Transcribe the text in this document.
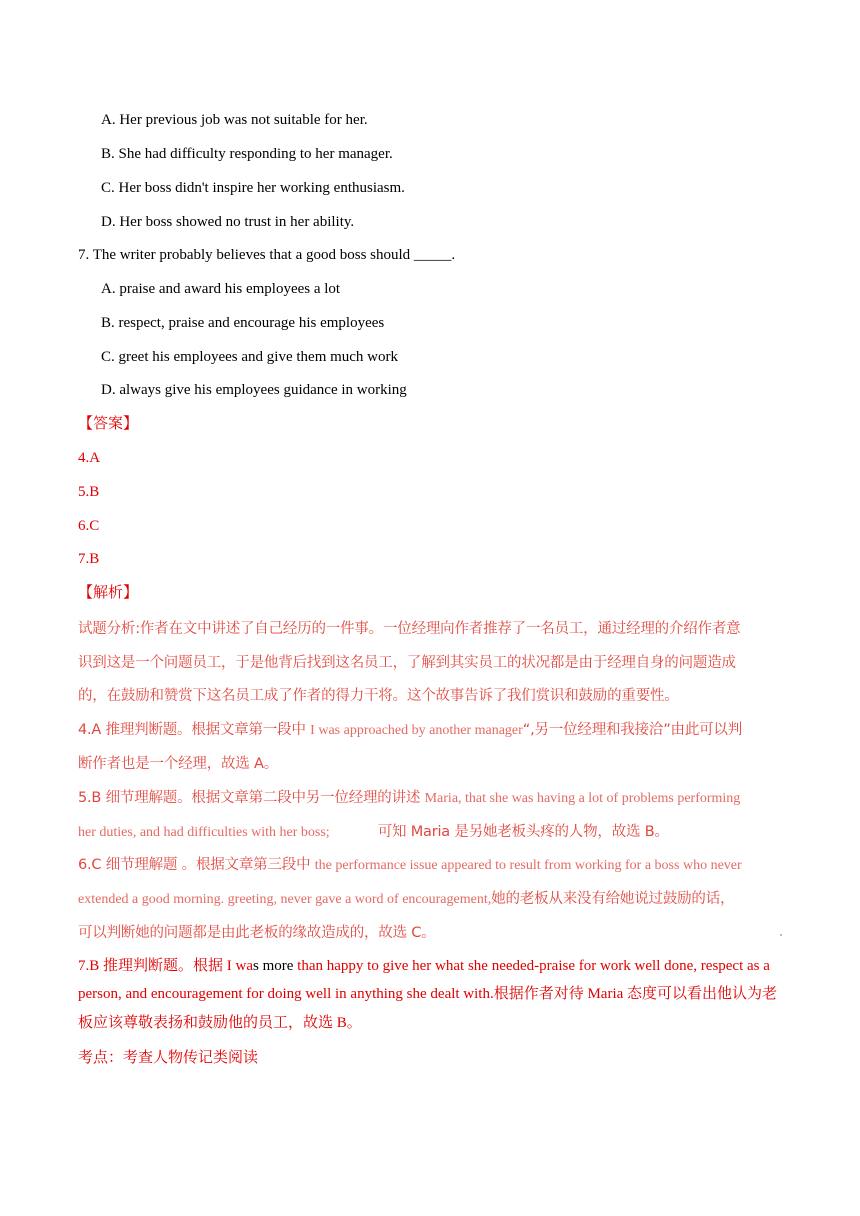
A. Her previous job was not suitable for her.
B. She had difficulty responding to her manager.
C. Her boss didn't inspire her working enthusiasm.
D. Her boss showed no trust in her ability.
7. The writer probably believes that a good boss should _____.
A. praise and award his employees a lot
B. respect, praise and encourage his employees
C. greet his employees and give them much work
D. always give his employees guidance in working
【答案】
4.A
5.B
6.C
7.B
【解析】
试题分析:作者在文中讲述了自己经历的一件事。一位经理向作者推荐了一名员工，通过经理的介绍作者意
识到这是一个问题员工，于是他背后找到这名员工，了解到其实员工的状况都是由于经理自身的问题造成
的，在鼓励和赞赏下这名员工成了作者的得力干将。这个故事告诉了我们赏识和鼓励的重要性。
4.A 推理判断题。根据文章第一段中 I was approached by another manager“,另一位经理和我接洽”由此可以判
断作者也是一个经理，故选 A。
5.B 细节理解题。根据文章第二段中另一位经理的讲述 Maria, that she was having a lot of problems performing
her duties, and had difficulties with her boss;	可知 Maria 是另她老板头疼的人物，故选 B。
6.C 细节理解题 。根据文章第三段中 the performance issue appeared to result from working for a boss who never
extended a good morning. greeting, never gave a word of encouragement,她的老板从来没有给她说过鼓励的话，
可以判断她的问题都是由此老板的缘故造成的，故选 C。
7.B 推理判断题。根据 I was more than happy to give her what she needed-praise for work well done, respect as a
person, and encouragement for doing well in anything she dealt with.根据作者对待 Maria 态度可以看出他认为老
板应该尊敬表扬和鼓励他的员工，故选 B。
考点：考查人物传记类阅读
